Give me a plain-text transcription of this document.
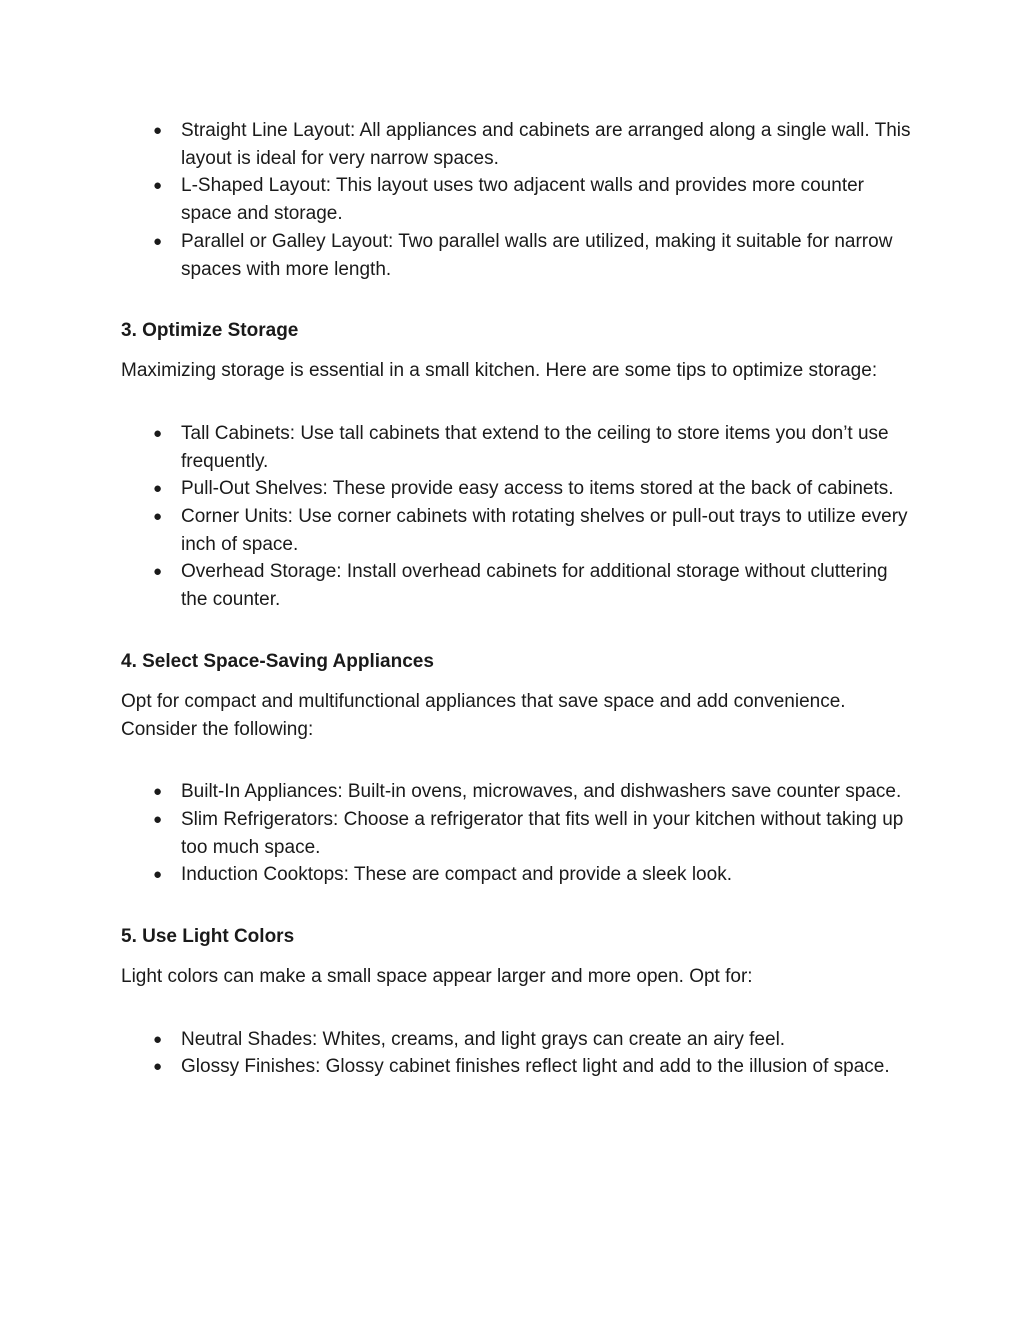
● Straight Line Layout: All appliances and cabinets are arranged along a single wall. This layout is ideal for very narrow spaces.
● L-Shaped Layout: This layout uses two adjacent walls and provides more counter space and storage.
● Parallel or Galley Layout: Two parallel walls are utilized, making it suitable for narrow spaces with more length.
3. Optimize Storage

Maximizing storage is essential in a small kitchen. Here are some tips to optimize storage:

● Tall Cabinets: Use tall cabinets that extend to the ceiling to store items you don’t use frequently.
● Pull-Out Shelves: These provide easy access to items stored at the back of cabinets.
● Corner Units: Use corner cabinets with rotating shelves or pull-out trays to utilize every inch of space.
● Overhead Storage: Install overhead cabinets for additional storage without cluttering the counter.
4. Select Space-Saving Appliances

Opt for compact and multifunctional appliances that save space and add convenience. Consider the following:

● Built-In Appliances: Built-in ovens, microwaves, and dishwashers save counter space.
● Slim Refrigerators: Choose a refrigerator that fits well in your kitchen without taking up too much space.
● Induction Cooktops: These are compact and provide a sleek look.
5. Use Light Colors

Light colors can make a small space appear larger and more open. Opt for:

● Neutral Shades: Whites, creams, and light grays can create an airy feel.
● Glossy Finishes: Glossy cabinet finishes reflect light and add to the illusion of space.
